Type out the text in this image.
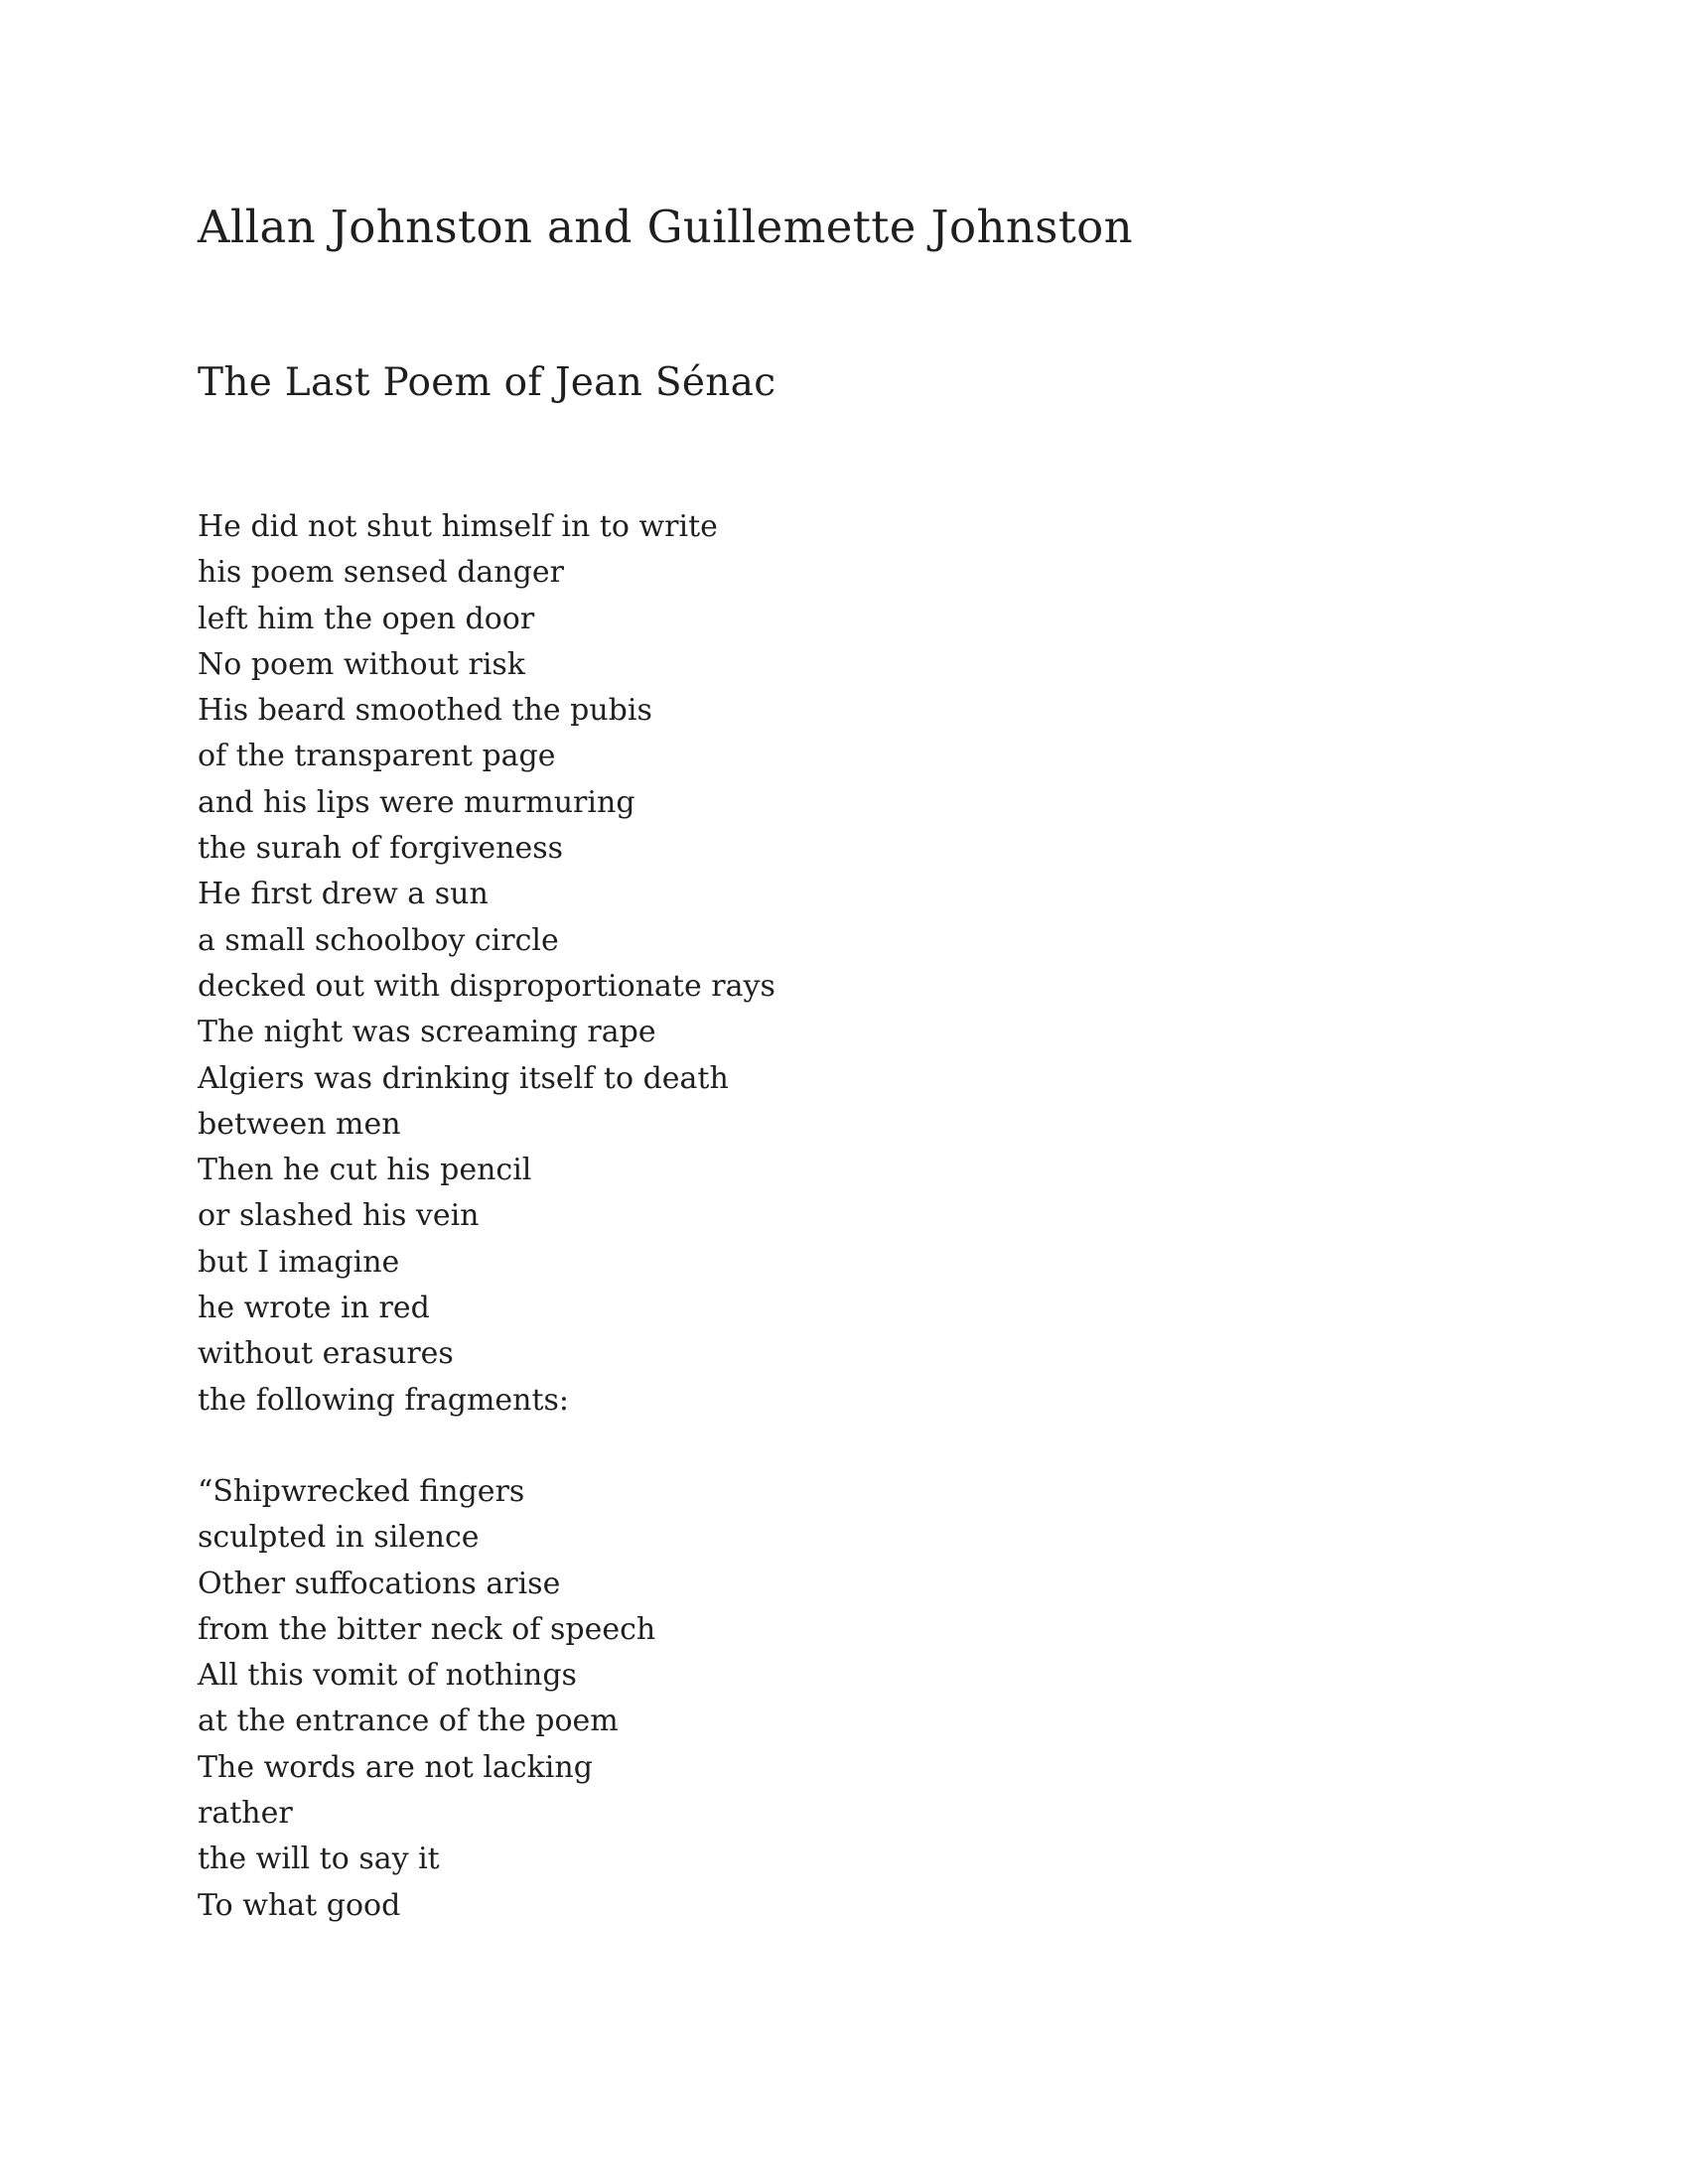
Allan Johnston and Guillemette Johnston
The Last Poem of Jean Sénac
He did not shut himself in to write
his poem sensed danger
left him the open door
No poem without risk
His beard smoothed the pubis
of the transparent page
and his lips were murmuring
the surah of forgiveness
He first drew a sun
a small schoolboy circle
decked out with disproportionate rays
The night was screaming rape
Algiers was drinking itself to death
between men
Then he cut his pencil
or slashed his vein
but I imagine
he wrote in red
without erasures
the following fragments:
“Shipwrecked fingers
sculpted in silence
Other suffocations arise
from the bitter neck of speech
All this vomit of nothings
at the entrance of the poem
The words are not lacking
rather
the will to say it
To what good
